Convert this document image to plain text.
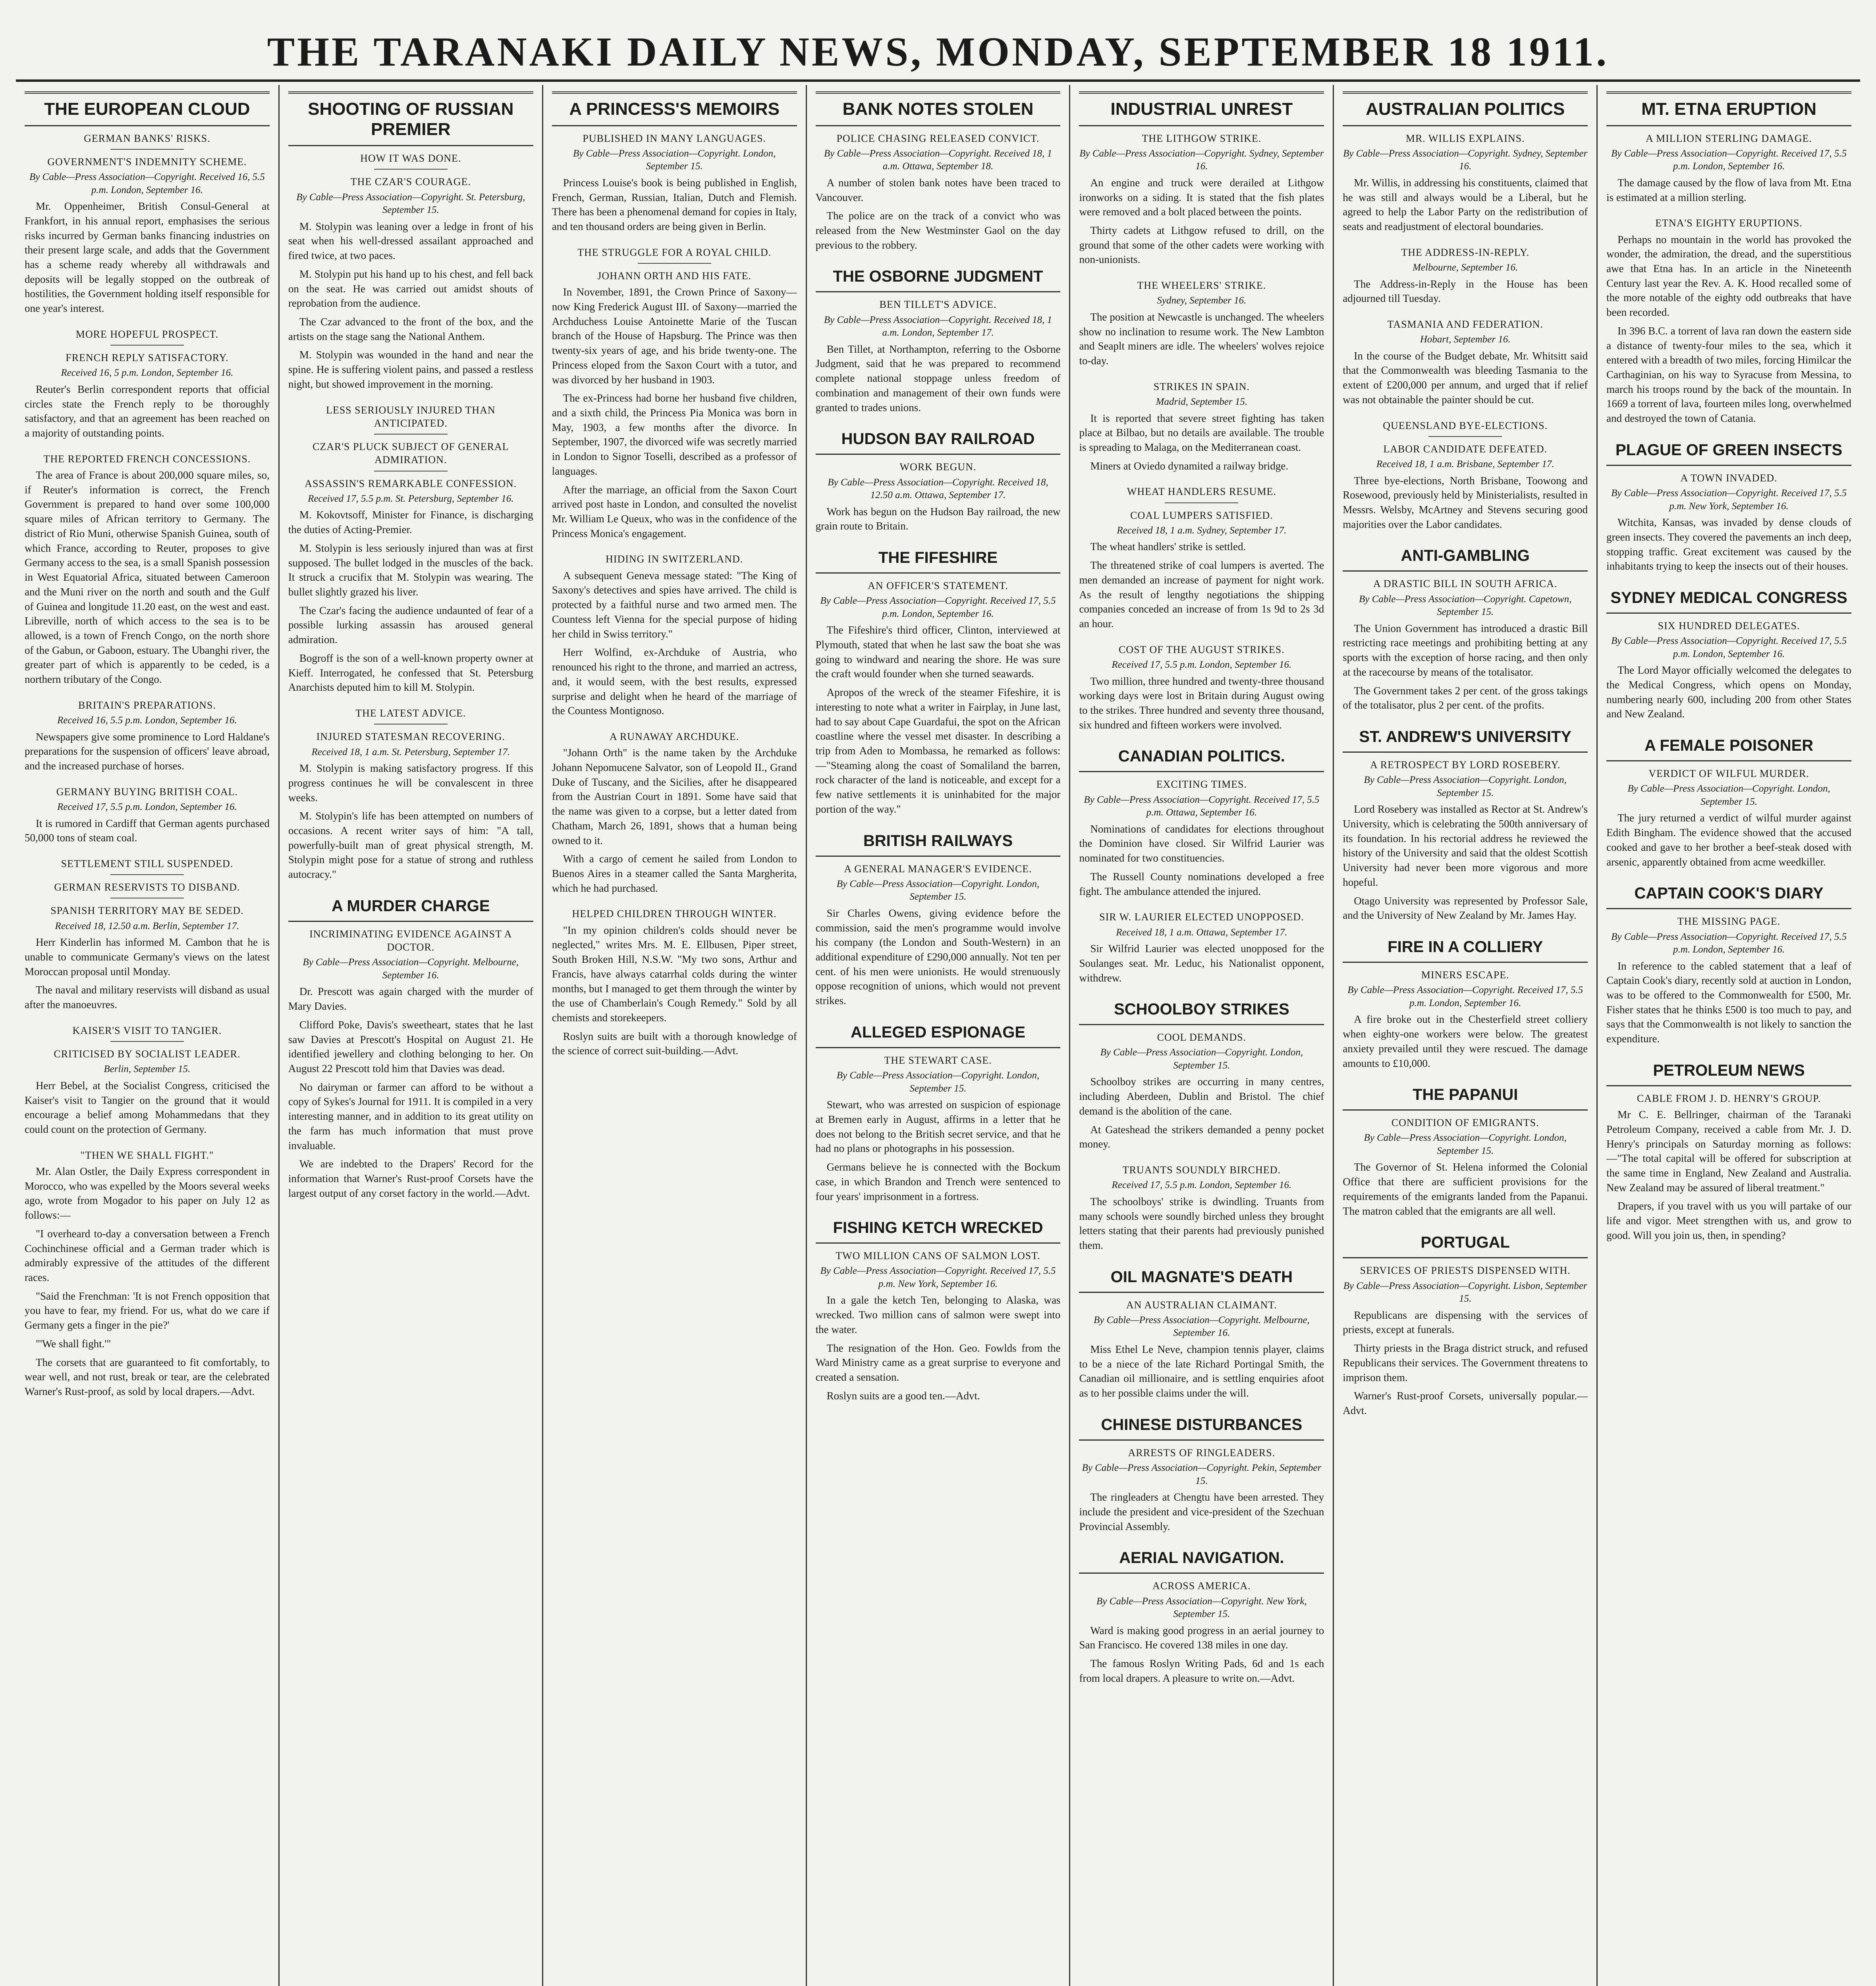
THE TARANAKI DAILY NEWS, MONDAY, SEPTEMBER 18 1911.
THE EUROPEAN CLOUD
GERMAN BANKS' RISKS.
GOVERNMENT'S INDEMNITY SCHEME.
By Cable—Press Association—Copyright. Received 16, 5.5 p.m. London, September 16.

Mr. Oppenheimer, British Consul-General at Frankfort, in his annual report, emphasises the serious risks incurred by German banks financing industries on their present large scale, and adds that the Government has a scheme ready whereby all withdrawals and deposits will be legally stopped on the outbreak of hostilities, the Government holding itself responsible for one year's interest.

MORE HOPEFUL PROSPECT.
FRENCH REPLY SATISFACTORY.
Received 16, 5 p.m. London, September 16.

Reuter's Berlin correspondent reports that official circles state the French reply to be thoroughly satisfactory, and that an agreement has been reached on a majority of outstanding points.

THE REPORTED FRENCH CONCESSIONS.

The area of France is about 200,000 square miles, so, if Reuter's information is correct, the French Government is prepared to hand over some 100,000 square miles of African territory to Germany. The district of Rio Muni, otherwise Spanish Guinea, south of which France, according to Reuter, proposes to give Germany access to the sea, is a small Spanish possession in West Equatorial Africa, situated between Cameroon and the Muni river on the north and south and the Gulf of Guinea and longitude 11.20 east, on the west and east. Libreville, north of which access to the sea is to be allowed, is a town of French Congo, on the north shore of the Gabun, or Gaboon, estuary. The Ubanghi river, the greater part of which is apparently to be ceded, is a northern tributary of the Congo.

BRITAIN'S PREPARATIONS.
Received 16, 5.5 p.m. London, September 16.

Newspapers give some prominence to Lord Haldane's preparations for the suspension of officers' leave abroad, and the increased purchase of horses.

GERMANY BUYING BRITISH COAL.
Received 17, 5.5 p.m. London, September 16.

It is rumored in Cardiff that German agents purchased 50,000 tons of steam coal.

SETTLEMENT STILL SUSPENDED.
GERMAN RESERVISTS TO DISBAND.
SPANISH TERRITORY MAY BE SEDED.
Received 18, 12.50 a.m. Berlin, September 17.

Herr Kinderlin has informed M. Cambon that he is unable to communicate Germany's views on the latest Moroccan proposal until Monday.

The naval and military reservists will disband as usual after the manoeuvres.

KAISER'S VISIT TO TANGIER.
CRITICISED BY SOCIALIST LEADER.
Berlin, September 15.

Herr Bebel, at the Socialist Congress, criticised the Kaiser's visit to Tangier on the ground that it would encourage a belief among Mohammedans that they could count on the protection of Germany.

"THEN WE SHALL FIGHT."

Mr. Alan Ostler, the Daily Express correspondent in Morocco, who was expelled by the Moors several weeks ago, wrote from Mogador to his paper on July 12 as follows:—

"I overheard to-day a conversation between a French Cochinchinese official and a German trader which is admirably expressive of the attitudes of the different races.

"Said the Frenchman: 'It is not French opposition that you have to fear, my friend. For us, what do we care if Germany gets a finger in the pie?'

"'We shall fight.'"

The corsets that are guaranteed to fit comfortably, to wear well, and not rust, break or tear, are the celebrated Warner's Rust-proof, as sold by local drapers.—Advt.

SHOOTING OF RUSSIAN PREMIER
HOW IT WAS DONE.
THE CZAR'S COURAGE.
By Cable—Press Association—Copyright. St. Petersburg, September 15.

M. Stolypin was leaning over a ledge in front of his seat when his well-dressed assailant approached and fired twice, at two paces.

M. Stolypin put his hand up to his chest, and fell back on the seat. He was carried out amidst shouts of reprobation from the audience.

The Czar advanced to the front of the box, and the artists on the stage sang the National Anthem.

M. Stolypin was wounded in the hand and near the spine. He is suffering violent pains, and passed a restless night, but showed improvement in the morning.

LESS SERIOUSLY INJURED THAN ANTICIPATED.
CZAR'S PLUCK SUBJECT OF GENERAL ADMIRATION.
ASSASSIN'S REMARKABLE CONFESSION.
Received 17, 5.5 p.m. St. Petersburg, September 16.

M. Kokovtsoff, Minister for Finance, is discharging the duties of Acting-Premier.

M. Stolypin is less seriously injured than was at first supposed. The bullet lodged in the muscles of the back. It struck a crucifix that M. Stolypin was wearing. The bullet slightly grazed his liver.

The Czar's facing the audience undaunted of fear of a possible lurking assassin has aroused general admiration.

Bogroff is the son of a well-known property owner at Kieff. Interrogated, he confessed that St. Petersburg Anarchists deputed him to kill M. Stolypin.

THE LATEST ADVICE.
INJURED STATESMAN RECOVERING.
Received 18, 1 a.m. St. Petersburg, September 17.

M. Stolypin is making satisfactory progress. If this progress continues he will be convalescent in three weeks.

M. Stolypin's life has been attempted on numbers of occasions. A recent writer says of him: "A tall, powerfully-built man of great physical strength, M. Stolypin might pose for a statue of strong and ruthless autocracy."

A MURDER CHARGE
INCRIMINATING EVIDENCE AGAINST A DOCTOR.
By Cable—Press Association—Copyright. Melbourne, September 16.

Dr. Prescott was again charged with the murder of Mary Davies.

Clifford Poke, Davis's sweetheart, states that he last saw Davies at Prescott's Hospital on August 21. He identified jewellery and clothing belonging to her. On August 22 Prescott told him that Davies was dead.

No dairyman or farmer can afford to be without a copy of Sykes's Journal for 1911. It is compiled in a very interesting manner, and in addition to its great utility on the farm has much information that must prove invaluable.

We are indebted to the Drapers' Record for the information that Warner's Rust-proof Corsets have the largest output of any corset factory in the world.—Advt.

A PRINCESS'S MEMOIRS
PUBLISHED IN MANY LANGUAGES.
By Cable—Press Association—Copyright. London, September 15.

Princess Louise's book is being published in English, French, German, Russian, Italian, Dutch and Flemish. There has been a phenomenal demand for copies in Italy, and ten thousand orders are being given in Berlin.

THE STRUGGLE FOR A ROYAL CHILD.
JOHANN ORTH AND HIS FATE.

In November, 1891, the Crown Prince of Saxony—now King Frederick August III. of Saxony—married the Archduchess Louise Antoinette Marie of the Tuscan branch of the House of Hapsburg. The Prince was then twenty-six years of age, and his bride twenty-one. The Princess eloped from the Saxon Court with a tutor, and was divorced by her husband in 1903.

The ex-Princess had borne her husband five children, and a sixth child, the Princess Pia Monica was born in May, 1903, a few months after the divorce. In September, 1907, the divorced wife was secretly married in London to Signor Toselli, described as a professor of languages.

After the marriage, an official from the Saxon Court arrived post haste in London, and consulted the novelist Mr. William Le Queux, who was in the confidence of the Princess Monica's engagement.

HIDING IN SWITZERLAND.

A subsequent Geneva message stated: "The King of Saxony's detectives and spies have arrived. The child is protected by a faithful nurse and two armed men. The Countess left Vienna for the special purpose of hiding her child in Swiss territory."

Herr Wolfind, ex-Archduke of Austria, who renounced his right to the throne, and married an actress, and, it would seem, with the best results, expressed surprise and delight when he heard of the marriage of the Countess Montignoso.

A RUNAWAY ARCHDUKE.

"Johann Orth" is the name taken by the Archduke Johann Nepomucene Salvator, son of Leopold II., Grand Duke of Tuscany, and the Sicilies, after he disappeared from the Austrian Court in 1891. Some have said that the name was given to a corpse, but a letter dated from Chatham, March 26, 1891, shows that a human being owned to it.

With a cargo of cement he sailed from London to Buenos Aires in a steamer called the Santa Margherita, which he had purchased.

HELPED CHILDREN THROUGH WINTER.

"In my opinion children's colds should never be neglected," writes Mrs. M. E. Ellbusen, Piper street, South Broken Hill, N.S.W. "My two sons, Arthur and Francis, have always catarrhal colds during the winter months, but I managed to get them through the winter by the use of Chamberlain's Cough Remedy." Sold by all chemists and storekeepers.

Roslyn suits are built with a thorough knowledge of the science of correct suit-building.—Advt.

BANK NOTES STOLEN
POLICE CHASING RELEASED CONVICT.
By Cable—Press Association—Copyright. Received 18, 1 a.m. Ottawa, September 18.

A number of stolen bank notes have been traced to Vancouver.

The police are on the track of a convict who was released from the New Westminster Gaol on the day previous to the robbery.

THE OSBORNE JUDGMENT
BEN TILLET'S ADVICE.
By Cable—Press Association—Copyright. Received 18, 1 a.m. London, September 17.

Ben Tillet, at Northampton, referring to the Osborne Judgment, said that he was prepared to recommend complete national stoppage unless freedom of combination and management of their own funds were granted to trades unions.

HUDSON BAY RAILROAD
WORK BEGUN.
By Cable—Press Association—Copyright. Received 18, 12.50 a.m. Ottawa, September 17.

Work has begun on the Hudson Bay railroad, the new grain route to Britain.

THE FIFESHIRE
AN OFFICER'S STATEMENT.
By Cable—Press Association—Copyright. Received 17, 5.5 p.m. London, September 16.

The Fifeshire's third officer, Clinton, interviewed at Plymouth, stated that when he last saw the boat she was going to windward and nearing the shore. He was sure the craft would founder when she turned seawards.

Apropos of the wreck of the steamer Fifeshire, it is interesting to note what a writer in Fairplay, in June last, had to say about Cape Guardafui, the spot on the African coastline where the vessel met disaster. In describing a trip from Aden to Mombassa, he remarked as follows:—"Steaming along the coast of Somaliland the barren, rock character of the land is noticeable, and except for a few native settlements it is uninhabited for the major portion of the way."

BRITISH RAILWAYS
A GENERAL MANAGER'S EVIDENCE.
By Cable—Press Association—Copyright. London, September 15.

Sir Charles Owens, giving evidence before the commission, said the men's programme would involve his company (the London and South-Western) in an additional expenditure of £290,000 annually. Not ten per cent. of his men were unionists. He would strenuously oppose recognition of unions, which would not prevent strikes.

ALLEGED ESPIONAGE
THE STEWART CASE.
By Cable—Press Association—Copyright. London, September 15.

Stewart, who was arrested on suspicion of espionage at Bremen early in August, affirms in a letter that he does not belong to the British secret service, and that he had no plans or photographs in his possession.

Germans believe he is connected with the Bockum case, in which Brandon and Trench were sentenced to four years' imprisonment in a fortress.

FISHING KETCH WRECKED
TWO MILLION CANS OF SALMON LOST.
By Cable—Press Association—Copyright. Received 17, 5.5 p.m. New York, September 16.

In a gale the ketch Ten, belonging to Alaska, was wrecked. Two million cans of salmon were swept into the water.

The resignation of the Hon. Geo. Fowlds from the Ward Ministry came as a great surprise to everyone and created a sensation.

Roslyn suits are a good ten.—Advt.

INDUSTRIAL UNREST
THE LITHGOW STRIKE.
By Cable—Press Association—Copyright. Sydney, September 16.

An engine and truck were derailed at Lithgow ironworks on a siding. It is stated that the fish plates were removed and a bolt placed between the points.

Thirty cadets at Lithgow refused to drill, on the ground that some of the other cadets were working with non-unionists.

THE WHEELERS' STRIKE.
Sydney, September 16.

The position at Newcastle is unchanged. The wheelers show no inclination to resume work. The New Lambton and Seaplt miners are idle. The wheelers' wolves rejoice to-day.

STRIKES IN SPAIN.
Madrid, September 15.

It is reported that severe street fighting has taken place at Bilbao, but no details are available. The trouble is spreading to Malaga, on the Mediterranean coast.

Miners at Oviedo dynamited a railway bridge.

WHEAT HANDLERS RESUME.
COAL LUMPERS SATISFIED.
Received 18, 1 a.m. Sydney, September 17.

The wheat handlers' strike is settled.

The threatened strike of coal lumpers is averted. The men demanded an increase of payment for night work. As the result of lengthy negotiations the shipping companies conceded an increase of from 1s 9d to 2s 3d an hour.

COST OF THE AUGUST STRIKES.
Received 17, 5.5 p.m. London, September 16.

Two million, three hundred and twenty-three thousand working days were lost in Britain during August owing to the strikes. Three hundred and seventy three thousand, six hundred and fifteen workers were involved.

CANADIAN POLITICS.
EXCITING TIMES.
By Cable—Press Association—Copyright. Received 17, 5.5 p.m. Ottawa, September 16.

Nominations of candidates for elections throughout the Dominion have closed. Sir Wilfrid Laurier was nominated for two constituencies.

The Russell County nominations developed a free fight. The ambulance attended the injured.

SIR W. LAURIER ELECTED UNOPPOSED.
Received 18, 1 a.m. Ottawa, September 17.

Sir Wilfrid Laurier was elected unopposed for the Soulanges seat. Mr. Leduc, his Nationalist opponent, withdrew.

SCHOOLBOY STRIKES
COOL DEMANDS.
By Cable—Press Association—Copyright. London, September 15.

Schoolboy strikes are occurring in many centres, including Aberdeen, Dublin and Bristol. The chief demand is the abolition of the cane.

At Gateshead the strikers demanded a penny pocket money.

TRUANTS SOUNDLY BIRCHED.
Received 17, 5.5 p.m. London, September 16.

The schoolboys' strike is dwindling. Truants from many schools were soundly birched unless they brought letters stating that their parents had previously punished them.

OIL MAGNATE'S DEATH
AN AUSTRALIAN CLAIMANT.
By Cable—Press Association—Copyright. Melbourne, September 16.

Miss Ethel Le Neve, champion tennis player, claims to be a niece of the late Richard Portingal Smith, the Canadian oil millionaire, and is settling enquiries afoot as to her possible claims under the will.

CHINESE DISTURBANCES
ARRESTS OF RINGLEADERS.
By Cable—Press Association—Copyright. Pekin, September 15.

The ringleaders at Chengtu have been arrested. They include the president and vice-president of the Szechuan Provincial Assembly.

AERIAL NAVIGATION.
ACROSS AMERICA.
By Cable—Press Association—Copyright. New York, September 15.

Ward is making good progress in an aerial journey to San Francisco. He covered 138 miles in one day.

The famous Roslyn Writing Pads, 6d and 1s each from local drapers. A pleasure to write on.—Advt.

AUSTRALIAN POLITICS
MR. WILLIS EXPLAINS.
By Cable—Press Association—Copyright. Sydney, September 16.

Mr. Willis, in addressing his constituents, claimed that he was still and always would be a Liberal, but he agreed to help the Labor Party on the redistribution of seats and readjustment of electoral boundaries.

THE ADDRESS-IN-REPLY.
Melbourne, September 16.

The Address-in-Reply in the House has been adjourned till Tuesday.

TASMANIA AND FEDERATION.
Hobart, September 16.

In the course of the Budget debate, Mr. Whitsitt said that the Commonwealth was bleeding Tasmania to the extent of £200,000 per annum, and urged that if relief was not obtainable the painter should be cut.

QUEENSLAND BYE-ELECTIONS.
LABOR CANDIDATE DEFEATED.
Received 18, 1 a.m. Brisbane, September 17.

Three bye-elections, North Brisbane, Toowong and Rosewood, previously held by Ministerialists, resulted in Messrs. Welsby, McArtney and Stevens securing good majorities over the Labor candidates.

ANTI-GAMBLING
A DRASTIC BILL IN SOUTH AFRICA.
By Cable—Press Association—Copyright. Capetown, September 15.

The Union Government has introduced a drastic Bill restricting race meetings and prohibiting betting at any sports with the exception of horse racing, and then only at the racecourse by means of the totalisator.

The Government takes 2 per cent. of the gross takings of the totalisator, plus 2 per cent. of the profits.

ST. ANDREW'S UNIVERSITY
A RETROSPECT BY LORD ROSEBERY.
By Cable—Press Association—Copyright. London, September 15.

Lord Rosebery was installed as Rector at St. Andrew's University, which is celebrating the 500th anniversary of its foundation. In his rectorial address he reviewed the history of the University and said that the oldest Scottish University had never been more vigorous and more hopeful.

Otago University was represented by Professor Sale, and the University of New Zealand by Mr. James Hay.

FIRE IN A COLLIERY
MINERS ESCAPE.
By Cable—Press Association—Copyright. Received 17, 5.5 p.m. London, September 16.

A fire broke out in the Chesterfield street colliery when eighty-one workers were below. The greatest anxiety prevailed until they were rescued. The damage amounts to £10,000.

THE PAPANUI
CONDITION OF EMIGRANTS.
By Cable—Press Association—Copyright. London, September 15.

The Governor of St. Helena informed the Colonial Office that there are sufficient provisions for the requirements of the emigrants landed from the Papanui. The matron cabled that the emigrants are all well.

PORTUGAL
SERVICES OF PRIESTS DISPENSED WITH.
By Cable—Press Association—Copyright. Lisbon, September 15.

Republicans are dispensing with the services of priests, except at funerals.

Thirty priests in the Braga district struck, and refused Republicans their services. The Government threatens to imprison them.

Warner's Rust-proof Corsets, universally popular.—Advt.

MT. ETNA ERUPTION
A MILLION STERLING DAMAGE.
By Cable—Press Association—Copyright. Received 17, 5.5 p.m. London, September 16.

The damage caused by the flow of lava from Mt. Etna is estimated at a million sterling.

ETNA'S EIGHTY ERUPTIONS.

Perhaps no mountain in the world has provoked the wonder, the admiration, the dread, and the superstitious awe that Etna has. In an article in the Nineteenth Century last year the Rev. A. K. Hood recalled some of the more notable of the eighty odd outbreaks that have been recorded.

In 396 B.C. a torrent of lava ran down the eastern side a distance of twenty-four miles to the sea, which it entered with a breadth of two miles, forcing Himilcar the Carthaginian, on his way to Syracuse from Messina, to march his troops round by the back of the mountain. In 1669 a torrent of lava, fourteen miles long, overwhelmed and destroyed the town of Catania.

PLAGUE OF GREEN INSECTS
A TOWN INVADED.
By Cable—Press Association—Copyright. Received 17, 5.5 p.m. New York, September 16.

Witchita, Kansas, was invaded by dense clouds of green insects. They covered the pavements an inch deep, stopping traffic. Great excitement was caused by the inhabitants trying to keep the insects out of their houses.

SYDNEY MEDICAL CONGRESS
SIX HUNDRED DELEGATES.
By Cable—Press Association—Copyright. Received 17, 5.5 p.m. London, September 16.

The Lord Mayor officially welcomed the delegates to the Medical Congress, which opens on Monday, numbering nearly 600, including 200 from other States and New Zealand.

A FEMALE POISONER
VERDICT OF WILFUL MURDER.
By Cable—Press Association—Copyright. London, September 15.

The jury returned a verdict of wilful murder against Edith Bingham. The evidence showed that the accused cooked and gave to her brother a beef-steak dosed with arsenic, apparently obtained from acme weedkiller.

CAPTAIN COOK'S DIARY
THE MISSING PAGE.
By Cable—Press Association—Copyright. Received 17, 5.5 p.m. London, September 16.

In reference to the cabled statement that a leaf of Captain Cook's diary, recently sold at auction in London, was to be offered to the Commonwealth for £500, Mr. Fisher states that he thinks £500 is too much to pay, and says that the Commonwealth is not likely to sanction the expenditure.

PETROLEUM NEWS
CABLE FROM J. D. HENRY'S GROUP.

Mr C. E. Bellringer, chairman of the Taranaki Petroleum Company, received a cable from Mr. J. D. Henry's principals on Saturday morning as follows:—"The total capital will be offered for subscription at the same time in England, New Zealand and Australia. New Zealand may be assured of liberal treatment."

Drapers, if you travel with us you will partake of our life and vigor. Meet strengthen with us, and grow to good. Will you join us, then, in spending?
